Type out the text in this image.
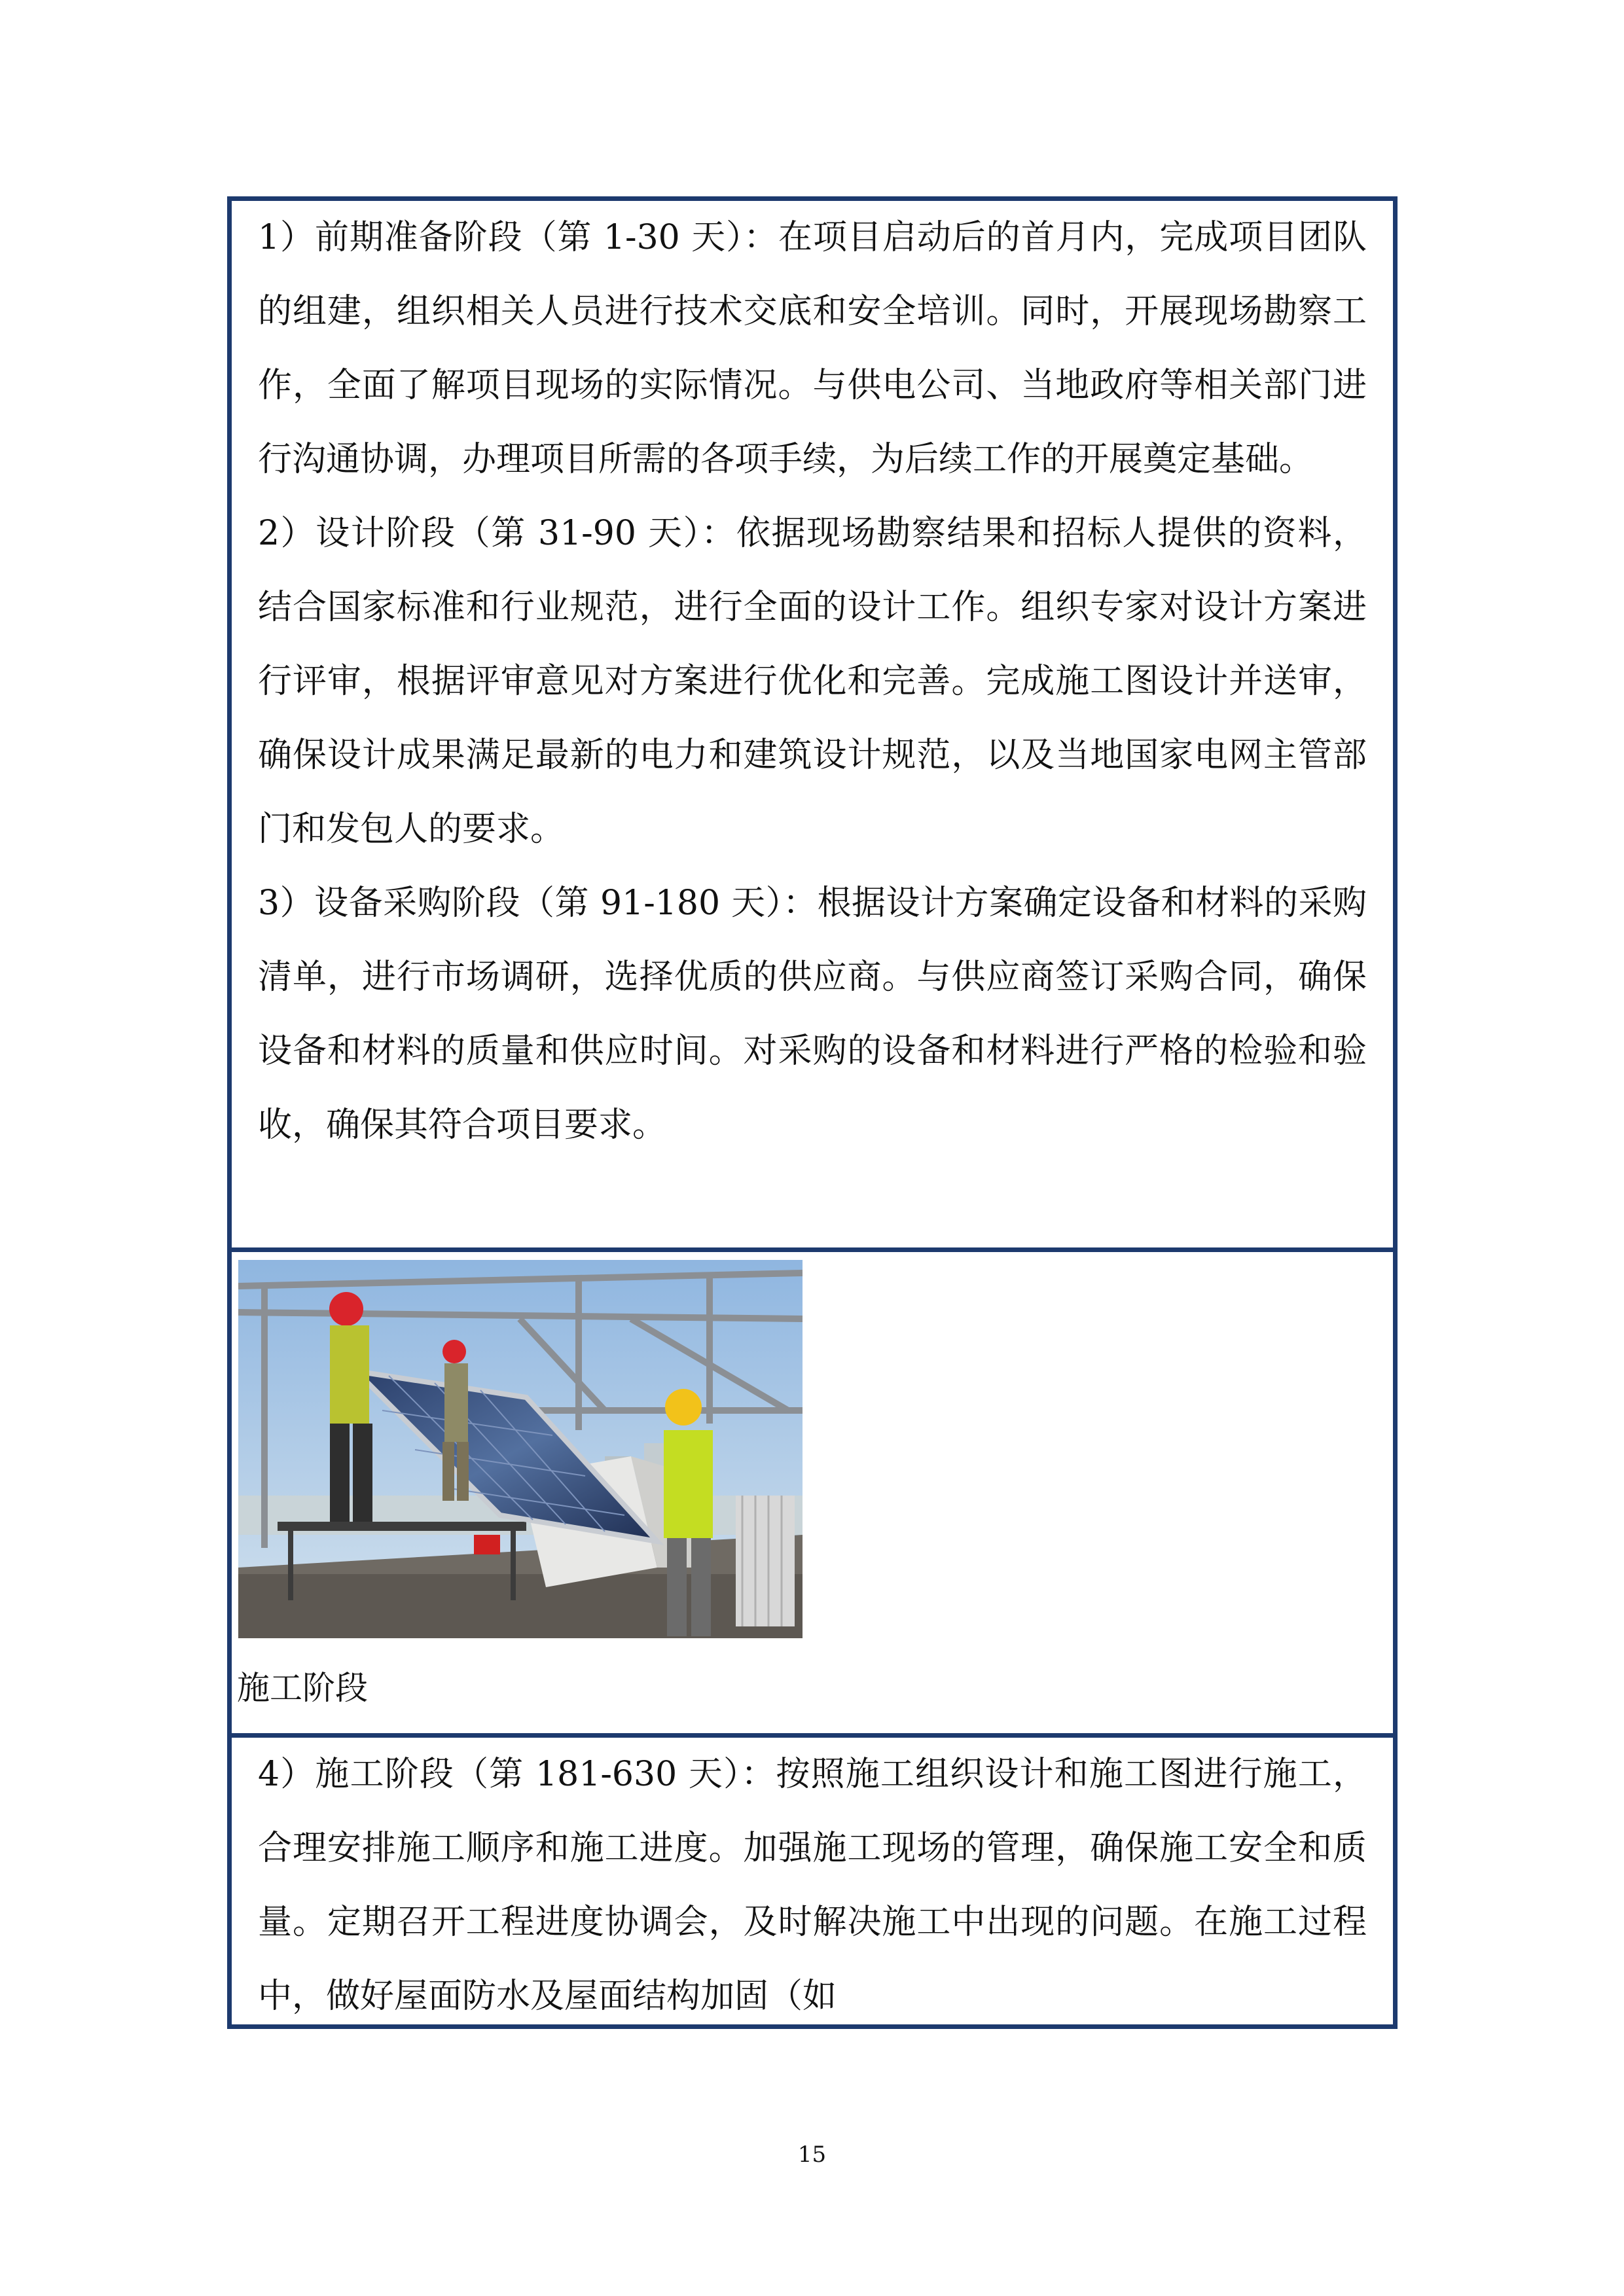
1）前期准备阶段（第 1-30 天）：在项目启动后的首月内，完成项目团队的组建，组织相关人员进行技术交底和安全培训。同时，开展现场勘察工作，全面了解项目现场的实际情况。与供电公司、当地政府等相关部门进行沟通协调，办理项目所需的各项手续，为后续工作的开展奠定基础。

2）设计阶段（第 31-90 天）：依据现场勘察结果和招标人提供的资料，结合国家标准和行业规范，进行全面的设计工作。组织专家对设计方案进行评审，根据评审意见对方案进行优化和完善。完成施工图设计并送审，确保设计成果满足最新的电力和建筑设计规范，以及当地国家电网主管部门和发包人的要求。

3）设备采购阶段（第 91-180 天）：根据设计方案确定设备和材料的采购清单，进行市场调研，选择优质的供应商。与供应商签订采购合同，确保设备和材料的质量和供应时间。对采购的设备和材料进行严格的检验和验收，确保其符合项目要求。

施工阶段

4）施工阶段（第 181-630 天）：按照施工组织设计和施工图进行施工，合理安排施工顺序和施工进度。加强施工现场的管理，确保施工安全和质量。定期召开工程进度协调会，及时解决施工中出现的问题。在施工过程中，做好屋面防水及屋面结构加固（如

15
